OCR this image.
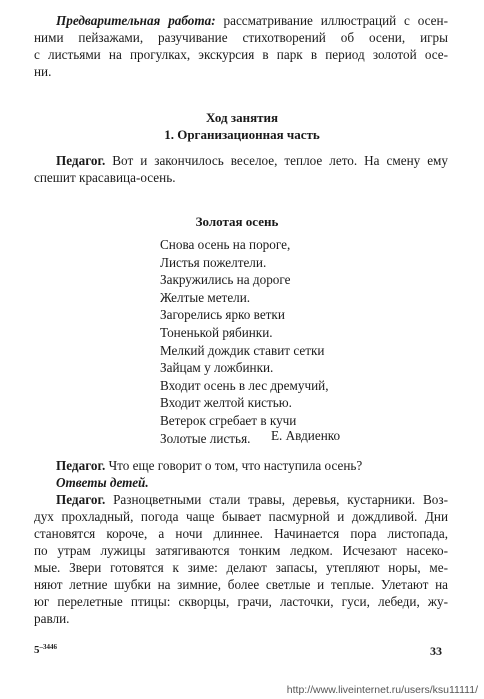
Предварительная работа: рассматривание иллюстраций с осен-
ними пейзажами, разучивание стихотворений об осени, игры
с листьями на прогулках, экскурсия в парк в период золотой осе-
ни.
Ход занятия
1. Организационная часть
Педагог. Вот и закончилось веселое, теплое лето. На смену ему
спешит красавица-осень.
Золотая осень
Снова осень на пороге,
Листья пожелтели.
Закружились на дороге
Желтые метели.
Загорелись ярко ветки
Тоненькой рябинки.
Мелкий дождик ставит сетки
Зайцам у ложбинки.
Входит осень в лес дремучий,
Входит желтой кистью.
Ветерок сгребает в кучи
Золотые листья.	Е. Авдиенко
Педагог. Что еще говорит о том, что наступила осень?
Ответы детей.
Педагог. Разноцветными стали травы, деревья, кустарники. Воз-
дух прохладный, погода чаще бывает пасмурной и дождливой. Дни
становятся короче, а ночи длиннее. Начинается пора листопада,
по утрам лужицы затягиваются тонким ледком. Исчезают насеко-
мые. Звери готовятся к зиме: делают запасы, утепляют норы, ме-
няют летние шубки на зимние, более светлые и теплые. Улетают на
юг перелетные птицы: скворцы, грачи, ласточки, гуси, лебеди, жу-
равли.
$5^{-3446}$	33
http://www.liveinternet.ru/users/ksu11111/
